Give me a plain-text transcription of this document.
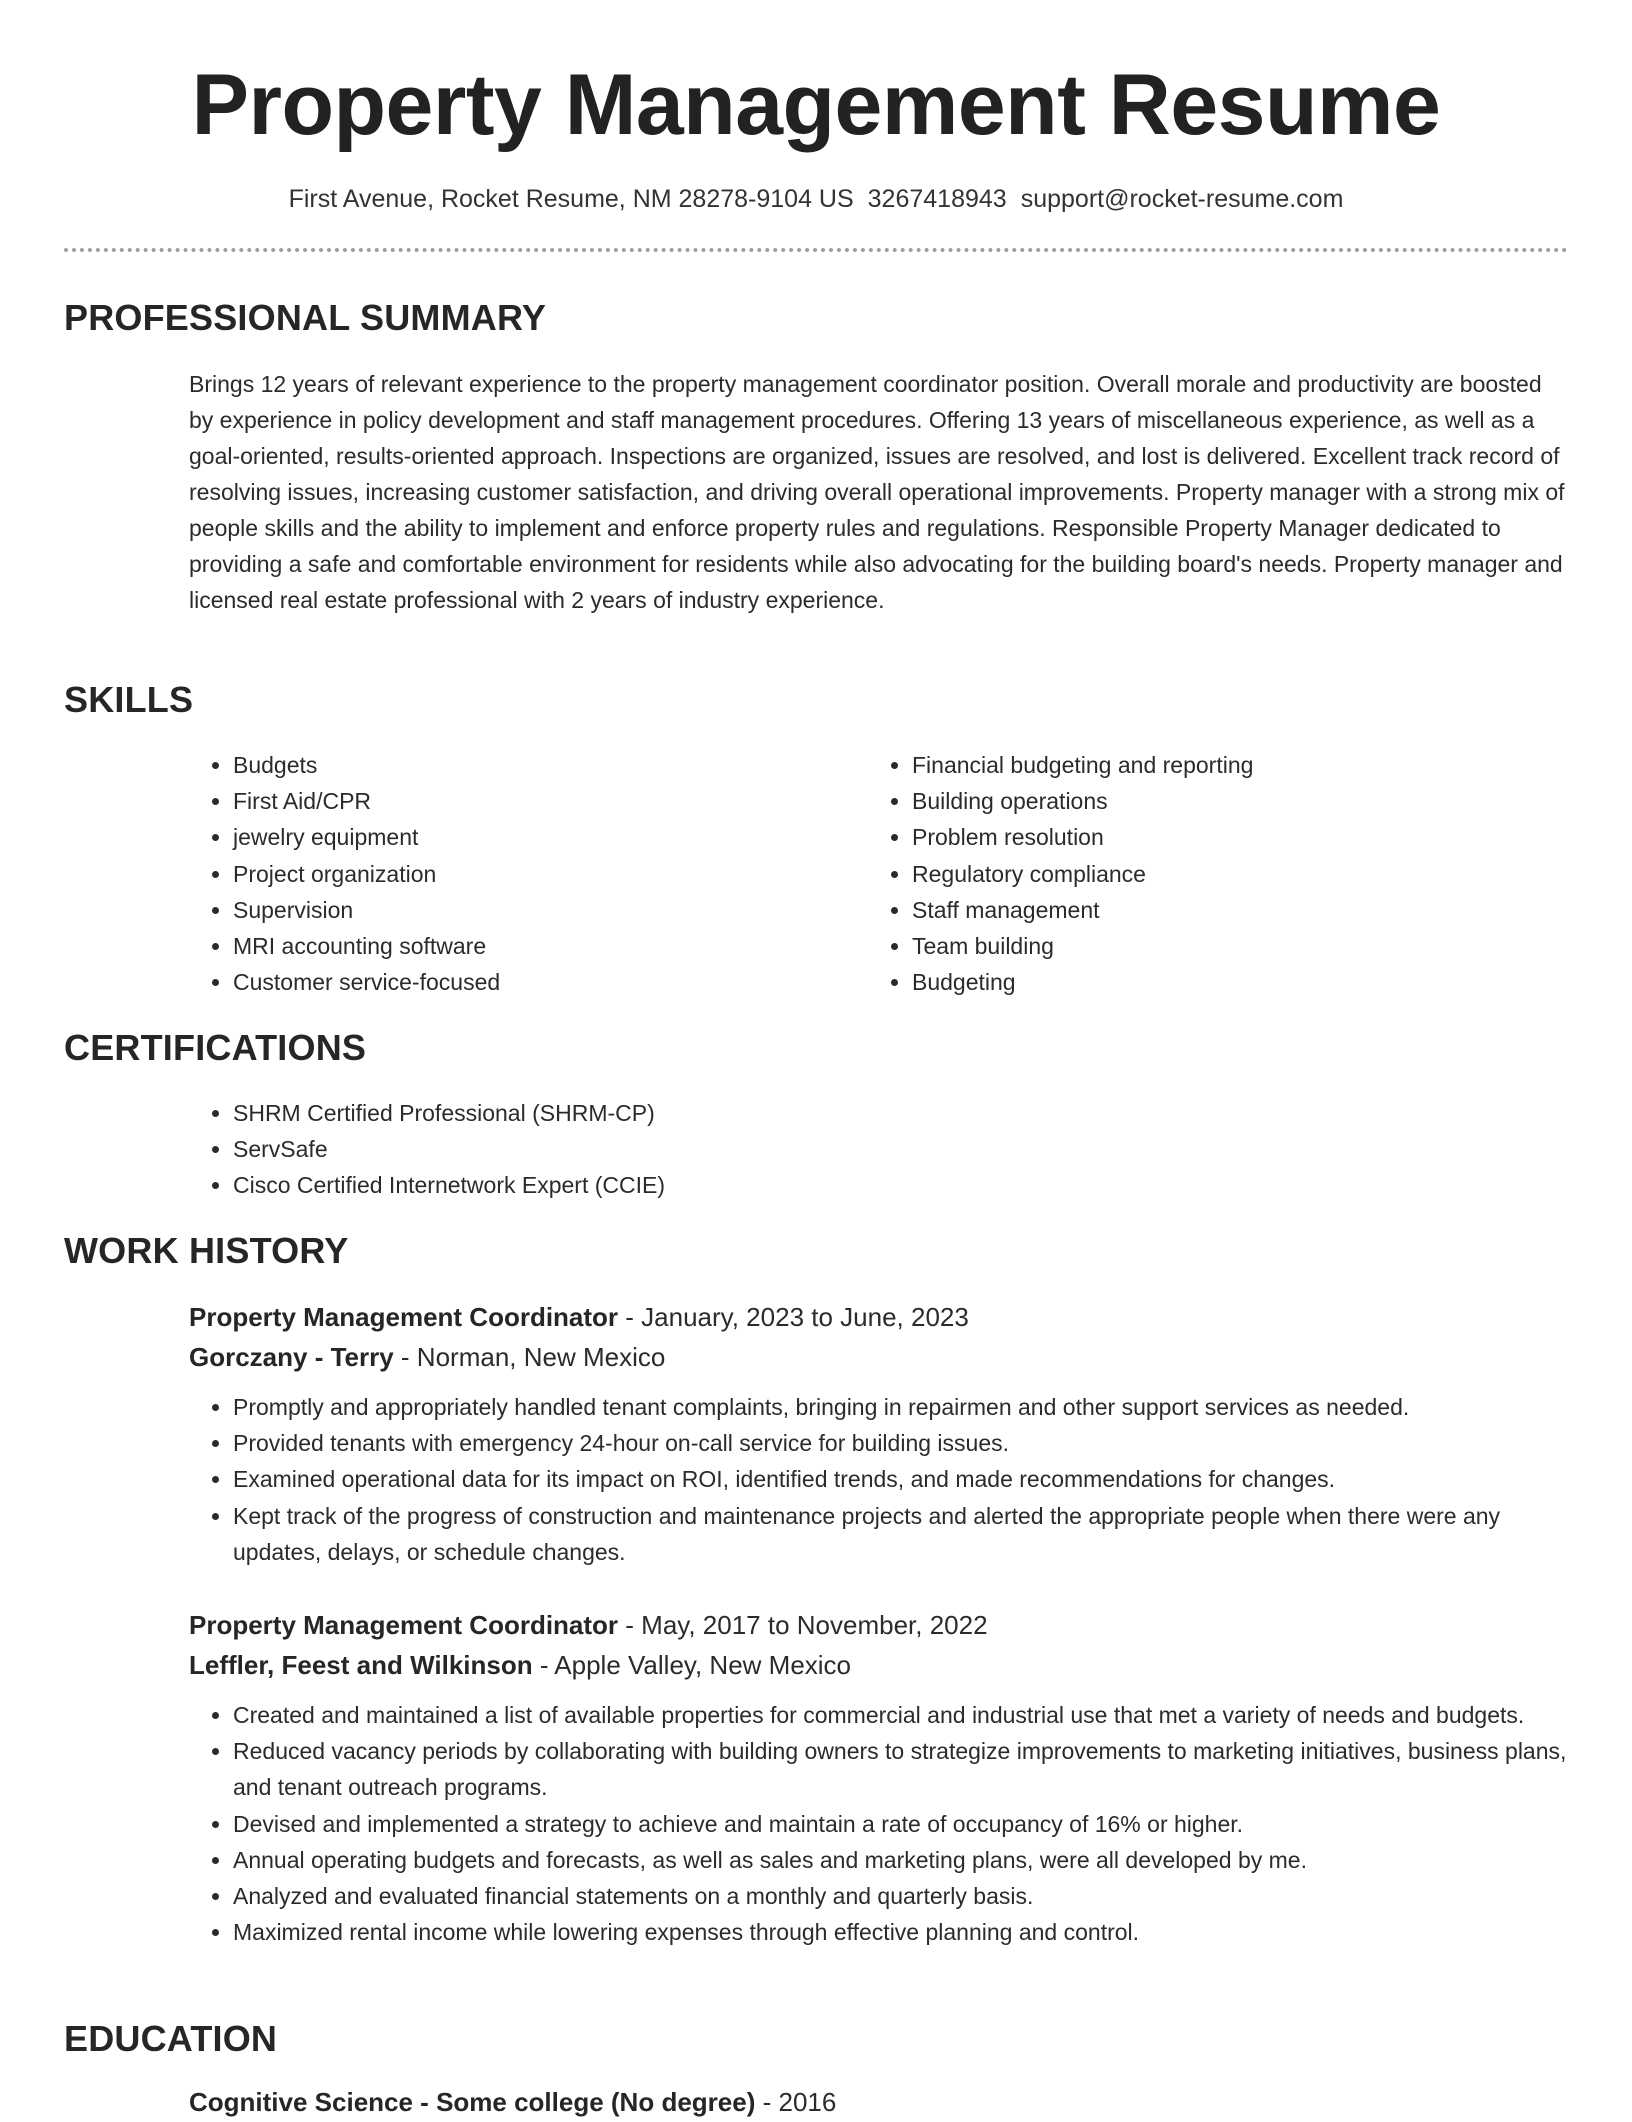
Property Management Resume
First Avenue, Rocket Resume, NM 28278-9104 US 3267418943 support@rocket-resume.com
PROFESSIONAL SUMMARY

Brings 12 years of relevant experience to the property management coordinator position. Overall morale and productivity are boosted by experience in policy development and staff management procedures. Offering 13 years of miscellaneous experience, as well as a goal-oriented, results-oriented approach. Inspections are organized, issues are resolved, and lost is delivered. Excellent track record of resolving issues, increasing customer satisfaction, and driving overall operational improvements. Property manager with a strong mix of people skills and the ability to implement and enforce property rules and regulations. Responsible Property Manager dedicated to providing a safe and comfortable environment for residents while also advocating for the building board's needs. Property manager and licensed real estate professional with 2 years of industry experience.

SKILLS
• Budgets
• First Aid/CPR
• jewelry equipment
• Project organization
• Supervision
• MRI accounting software
• Customer service-focused
• Financial budgeting and reporting
• Building operations
• Problem resolution
• Regulatory compliance
• Staff management
• Team building
• Budgeting
CERTIFICATIONS
• SHRM Certified Professional (SHRM-CP)
• ServSafe
• Cisco Certified Internetwork Expert (CCIE)
WORK HISTORY
Property Management Coordinator - January, 2023 to June, 2023
Gorczany - Terry - Norman, New Mexico
• Promptly and appropriately handled tenant complaints, bringing in repairmen and other support services as needed.
• Provided tenants with emergency 24-hour on-call service for building issues.
• Examined operational data for its impact on ROI, identified trends, and made recommendations for changes.
• Kept track of the progress of construction and maintenance projects and alerted the appropriate people when there were any updates, delays, or schedule changes.
Property Management Coordinator - May, 2017 to November, 2022
Leffler, Feest and Wilkinson - Apple Valley, New Mexico
• Created and maintained a list of available properties for commercial and industrial use that met a variety of needs and budgets.
• Reduced vacancy periods by collaborating with building owners to strategize improvements to marketing initiatives, business plans, and tenant outreach programs.
• Devised and implemented a strategy to achieve and maintain a rate of occupancy of 16% or higher.
• Annual operating budgets and forecasts, as well as sales and marketing plans, were all developed by me.
• Analyzed and evaluated financial statements on a monthly and quarterly basis.
• Maximized rental income while lowering expenses through effective planning and control.
EDUCATION
Cognitive Science - Some college (No degree) - 2016
